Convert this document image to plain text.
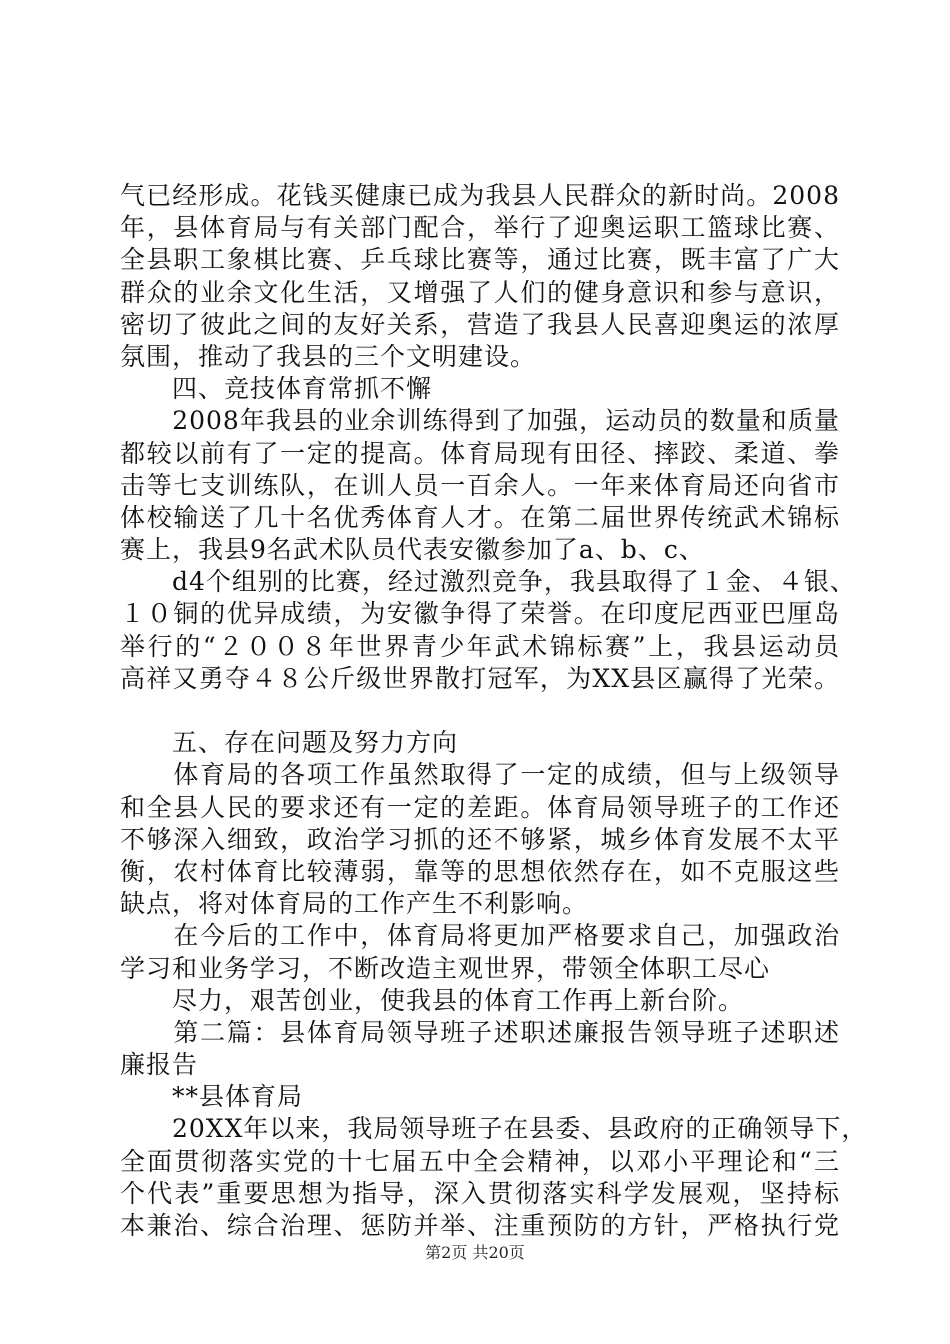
气已经形成。花钱买健康已成为我县人民群众的新时尚。2008
年，县体育局与有关部门配合，举行了迎奥运职工篮球比赛、
全县职工象棋比赛、乒乓球比赛等，通过比赛，既丰富了广大
群众的业余文化生活，又增强了人们的健身意识和参与意识，
密切了彼此之间的友好关系，营造了我县人民喜迎奥运的浓厚
氛围，推动了我县的三个文明建设。
　　四、竞技体育常抓不懈
　　2008年我县的业余训练得到了加强，运动员的数量和质量
都较以前有了一定的提高。体育局现有田径、摔跤、柔道、拳
击等七支训练队，在训人员一百余人。一年来体育局还向省市
体校输送了几十名优秀体育人才。在第二届世界传统武术锦标
赛上，我县9名武术队员代表安徽参加了a、b、c、
　　d4个组别的比赛，经过激烈竞争，我县取得了１金、４银、
１０铜的优异成绩，为安徽争得了荣誉。在印度尼西亚巴厘岛
举行的“２００８年世界青少年武术锦标赛”上，我县运动员
高祥又勇夺４８公斤级世界散打冠军，为XX县区赢得了光荣。
　　五、存在问题及努力方向
　　体育局的各项工作虽然取得了一定的成绩，但与上级领导
和全县人民的要求还有一定的差距。体育局领导班子的工作还
不够深入细致，政治学习抓的还不够紧，城乡体育发展不太平
衡，农村体育比较薄弱，靠等的思想依然存在，如不克服这些
缺点，将对体育局的工作产生不利影响。
　　在今后的工作中，体育局将更加严格要求自己，加强政治
学习和业务学习，不断改造主观世界，带领全体职工尽心
　　尽力，艰苦创业，使我县的体育工作再上新台阶。
　　第二篇：县体育局领导班子述职述廉报告领导班子述职述
廉报告
　　**县体育局
　　20XX年以来，我局领导班子在县委、县政府的正确领导下，
全面贯彻落实党的十七届五中全会精神，以邓小平理论和“三
个代表”重要思想为指导，深入贯彻落实科学发展观，坚持标
本兼治、综合治理、惩防并举、注重预防的方针，严格执行党
第2页 共20页
